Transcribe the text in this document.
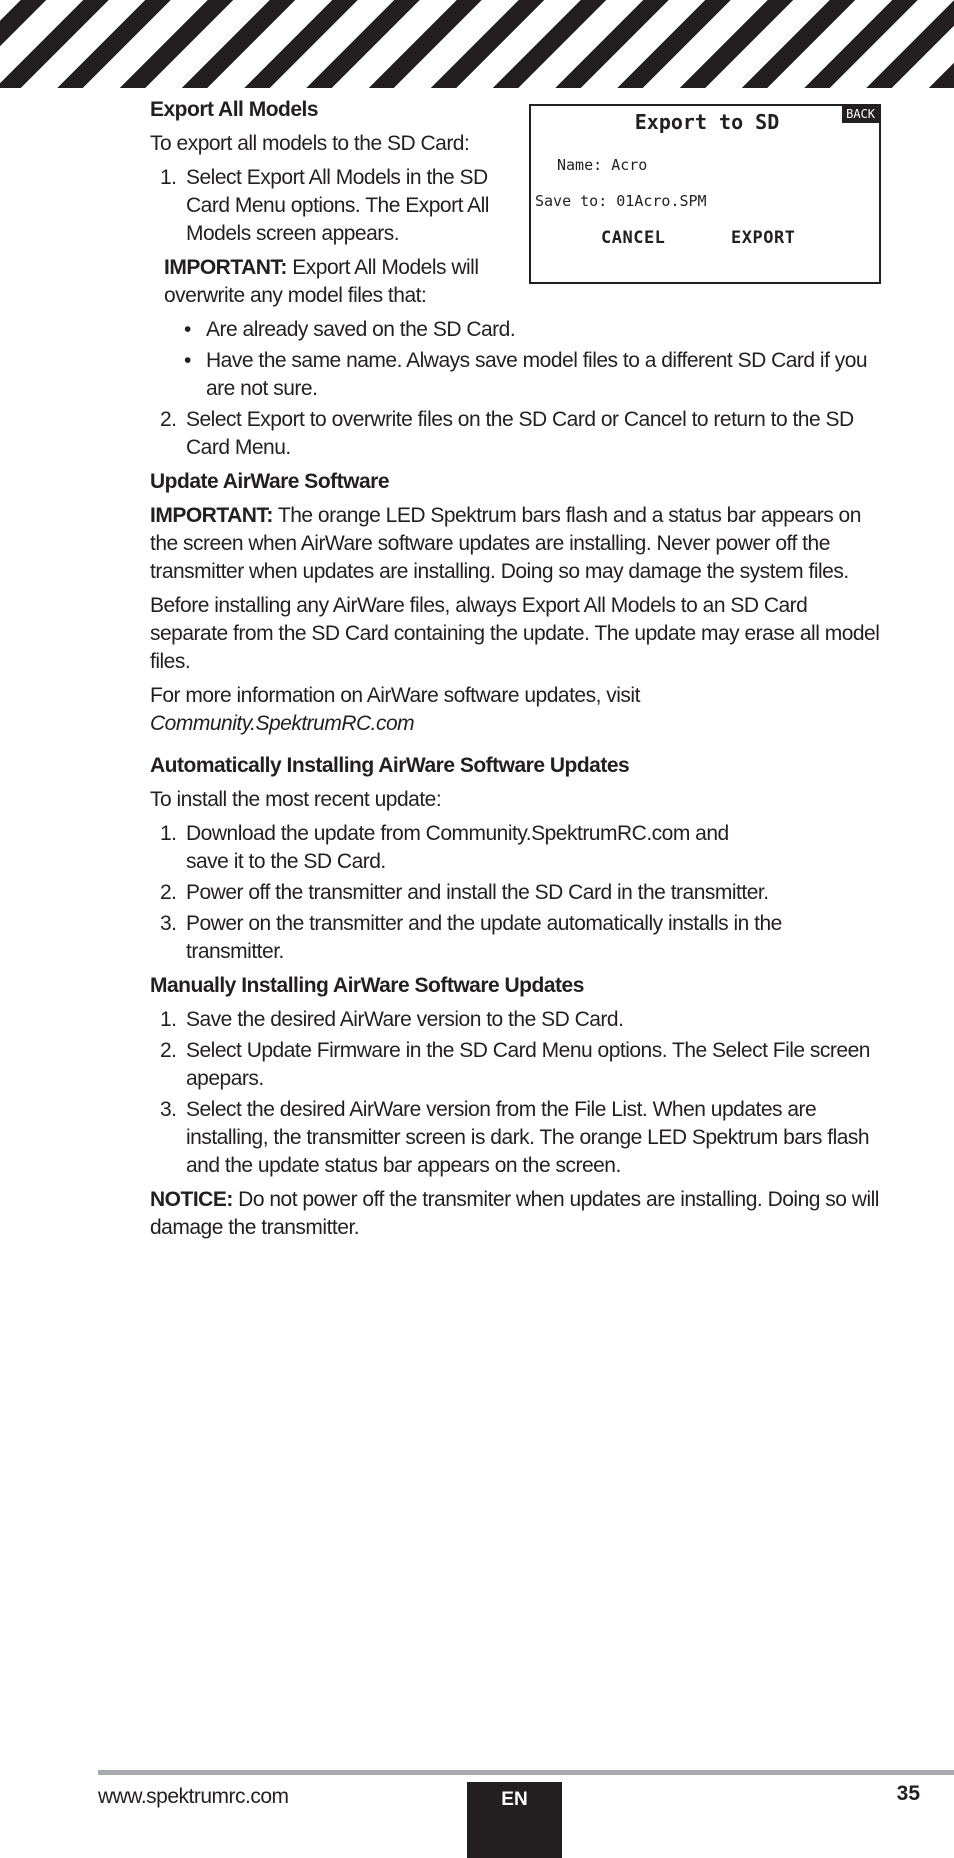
Export to SD	BACK
Name: Acro
Save to: 01Acro.SPM
CANCEL	EXPORT
Export All Models

To export all models to the SD Card:

1. Select Export All Models in the SD Card Menu options. The Export All Models screen appears.

IMPORTANT: Export All Models will overwrite any model files that:

• Are already saved on the SD Card.
• Have the same name. Always save model files to a different SD Card if you are not sure.
2. Select Export to overwrite files on the SD Card or Cancel to return to the SD Card Menu.
Update AirWare Software

IMPORTANT: The orange LED Spektrum bars flash and a status bar appears on the screen when AirWare software updates are installing. Never power off the transmitter when updates are installing. Doing so may damage the system files.

Before installing any AirWare files, always Export All Models to an SD Card separate from the SD Card containing the update. The update may erase all model files.

For more information on AirWare software updates, visit
Community.SpektrumRC.com

Automatically Installing AirWare Software Updates

To install the most recent update:

1. Download the update from Community.SpektrumRC.com and save it to the SD Card.
2. Power off the transmitter and install the SD Card in the transmitter.
3. Power on the transmitter and the update automatically installs in the transmitter.
Manually Installing AirWare Software Updates
1. Save the desired AirWare version to the SD Card.
2. Select Update Firmware in the SD Card Menu options. The Select File screen apepars.
3. Select the desired AirWare version from the File List. When updates are installing, the transmitter screen is dark. The orange LED Spektrum bars flash and the update status bar appears on the screen.

NOTICE: Do not power off the transmiter when updates are installing. Doing so will damage the transmitter.

www.spektrumrc.com	EN	35
